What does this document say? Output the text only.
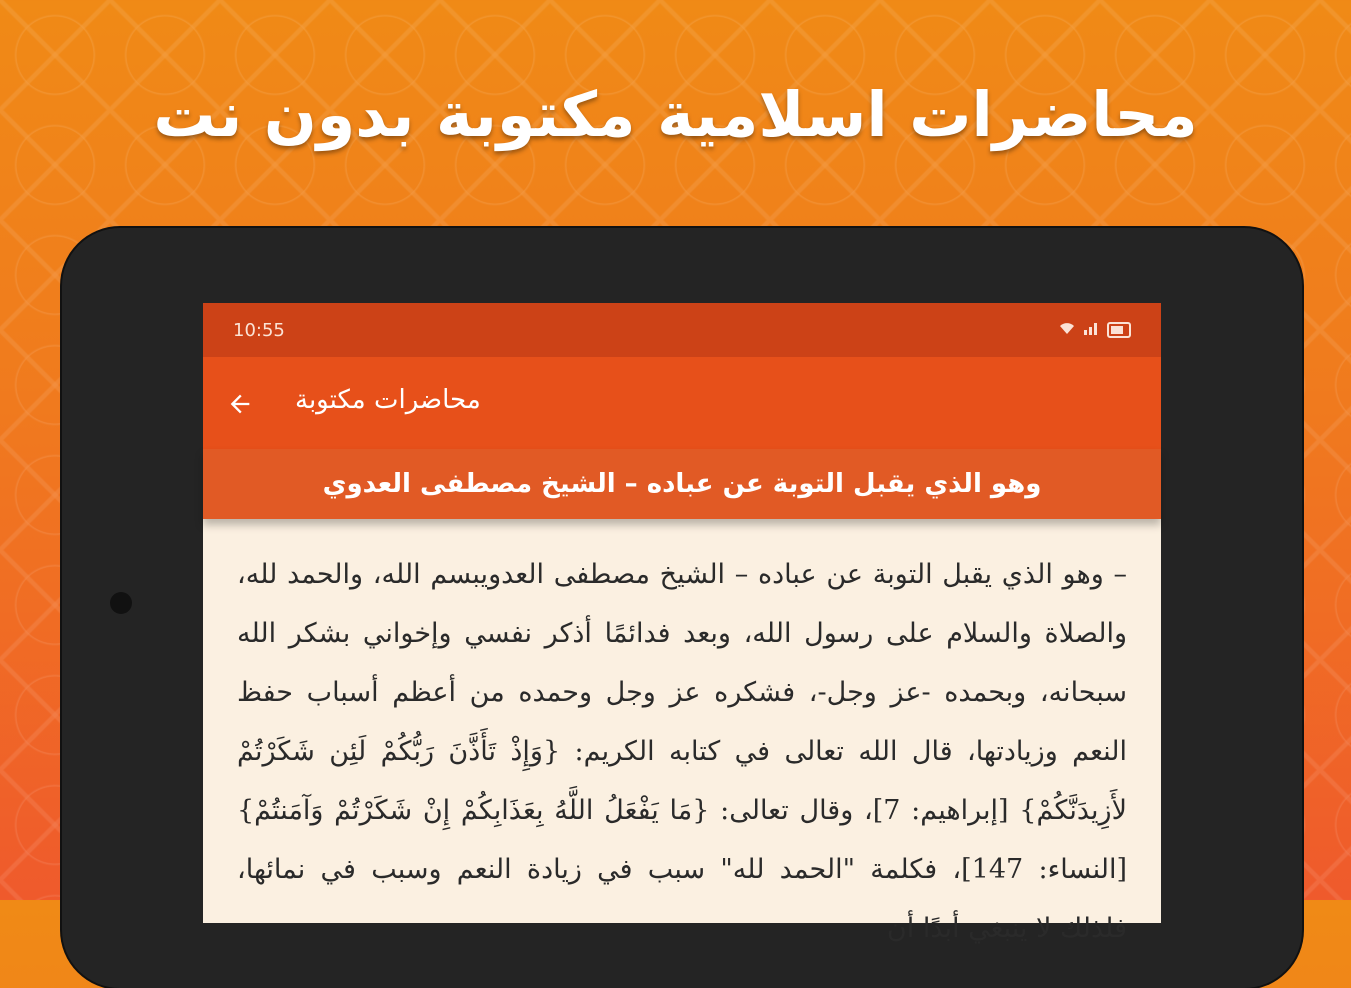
محاضرات اسلامية مكتوبة بدون نت
10:55
محاضرات مكتوبة
وهو الذي يقبل التوبة عن عباده – الشيخ مصطفى العدوي
– وهو الذي يقبل التوبة عن عباده – الشيخ مصطفى العدويبسم الله، والحمد لله، والصلاة والسلام على رسول الله، وبعد فدائمًا أذكر نفسي وإخواني بشكر الله سبحانه، وبحمده -عز وجل-، فشكره عز وجل وحمده من أعظم أسباب حفظ النعم وزيادتها، قال الله تعالى في كتابه الكريم: {وَإِذْ تَأَذَّنَ رَبُّكُمْ لَئِن شَكَرْتُمْ لأَزِيدَنَّكُمْ} [إبراهيم: 7]، وقال تعالى: {مَا يَفْعَلُ اللَّهُ بِعَذَابِكُمْ إِنْ شَكَرْتُمْ وَآمَنتُمْ} [النساء: 147]، فكلمة "الحمد لله" سبب في زيادة النعم وسبب في نمائها، فلذلك لا ينبغي أبدًا أن
